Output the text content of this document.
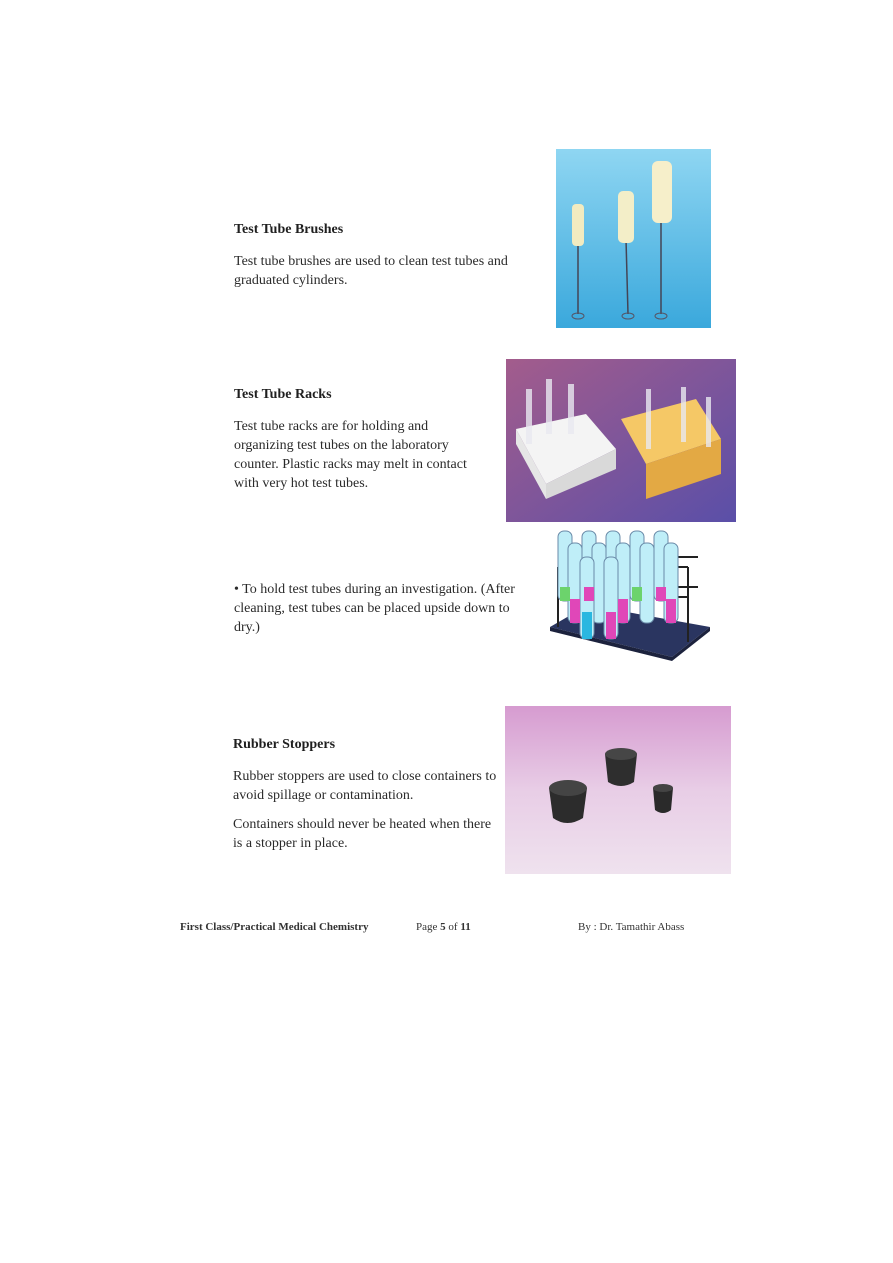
Test Tube Brushes

Test tube brushes are used to clean test tubes and graduated cylinders.

Test Tube Racks

Test tube racks are for holding and organizing test tubes on the laboratory counter. Plastic racks may melt in contact with very hot test tubes.

• To hold test tubes during an investigation. (After cleaning, test tubes can be placed upside down to dry.)

Rubber Stoppers

Rubber stoppers are used to close containers to avoid spillage or contamination.

Containers should never be heated when there is a stopper in place.

First Class/Practical Medical Chemistry	Page 5 of 11	By : Dr. Tamathir Abass
